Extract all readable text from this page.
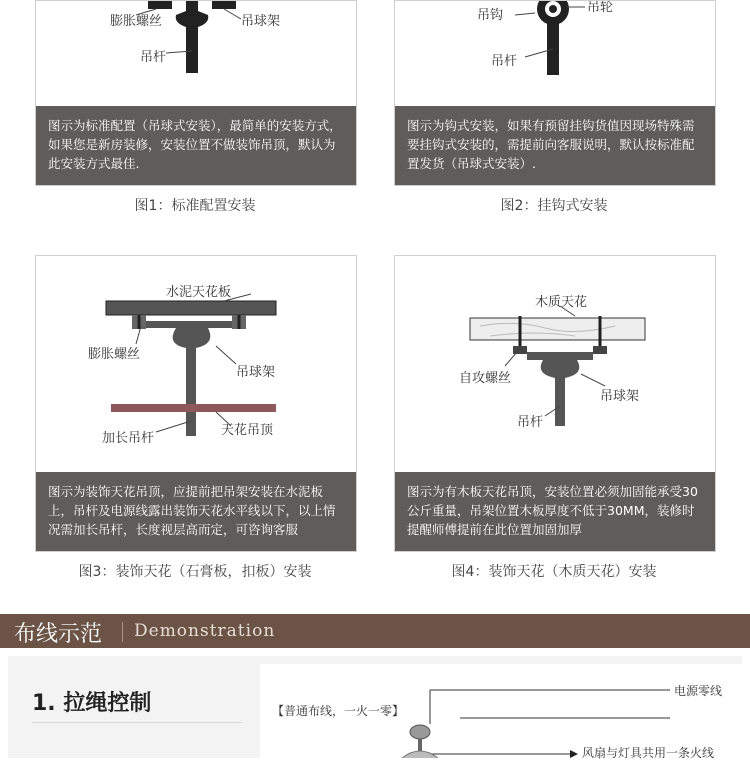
膨胀螺丝	吊球架
吊杆
图示为标准配置（吊球式安装），最简单的安装方式，如果您是新房装修，安装位置不做装饰吊顶，默认为此安装方式最佳.
图1：标准配置安装
吊钩
吊轮
吊杆
图示为钩式安装，如果有预留挂钩货值因现场特殊需要挂钩式安装的，需提前向客服说明，默认按标准配置发货（吊球式安装）.
图2：挂钩式安装
水泥天花板
膨胀螺丝
吊球架
加长吊杆
天花吊顶
图示为装饰天花吊顶，应提前把吊架安装在水泥板上，吊杆及电源线露出装饰天花水平线以下，以上情况需加长吊杆，长度视层高而定，可咨询客服
图3：装饰天花（石膏板，扣板）安装
木质天花
自攻螺丝
吊球架
吊杆
图示为有木板天花吊顶，安装位置必须加固能承受30公斤重量，吊架位置木板厚度不低于30MM，装修时提醒师傅提前在此位置加固加厚
图4：装饰天花（木质天花）安装
布线示范 Demonstration
1. 拉绳控制	【普通布线，一火一零】
电源零线
风扇与灯具共用一条火线
